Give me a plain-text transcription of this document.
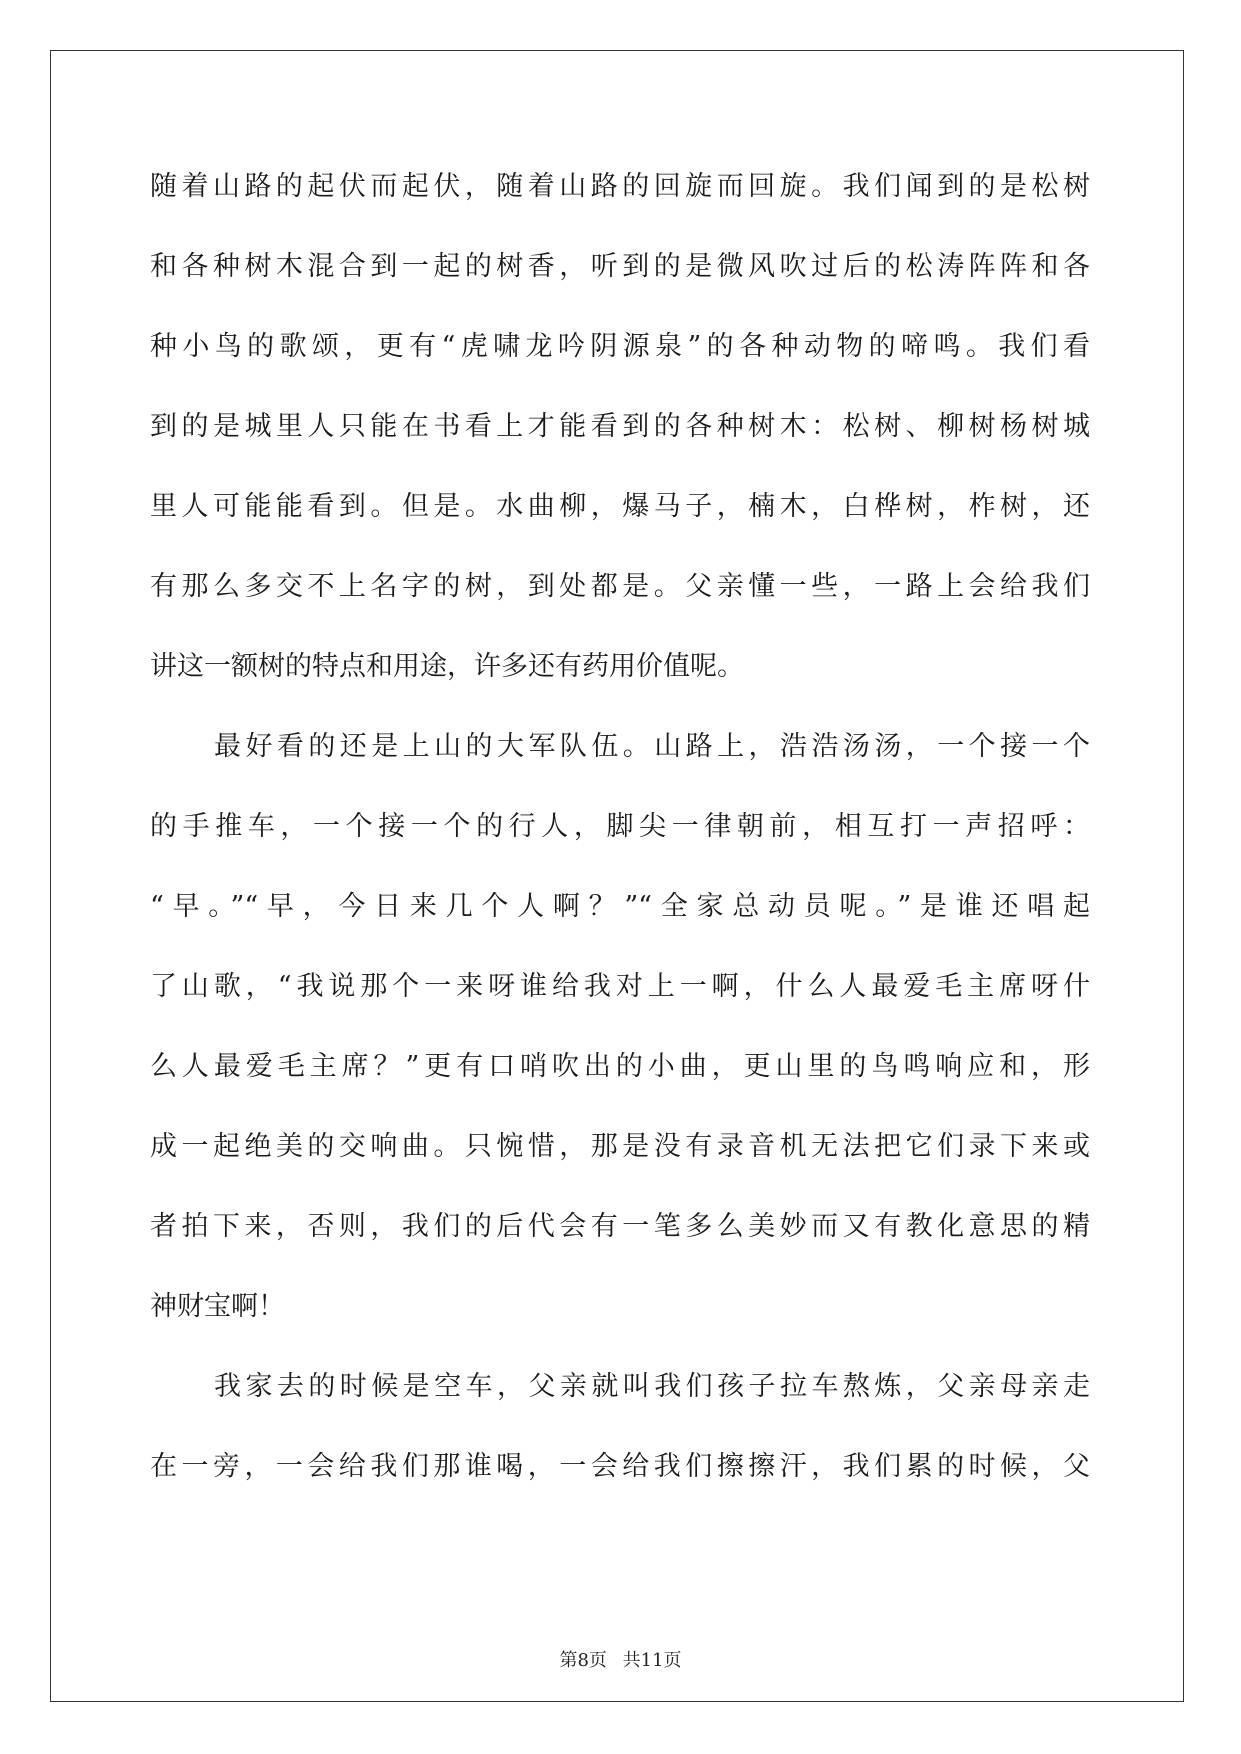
随着山路的起伏而起伏，随着山路的回旋而回旋。我们闻到的是松树
和各种树木混合到一起的树香，听到的是微风吹过后的松涛阵阵和各
种小鸟的歌颂，更有“虎啸龙吟阴源泉”的各种动物的啼鸣。我们看
到的是城里人只能在书看上才能看到的各种树木：松树、柳树杨树城
里人可能能看到。但是。水曲柳，爆马子，楠木，白桦树，柞树，还
有那么多交不上名字的树，到处都是。父亲懂一些，一路上会给我们
讲这一额树的特点和用途，许多还有药用价值呢。
最好看的还是上山的大军队伍。山路上，浩浩汤汤，一个接一个
的手推车，一个接一个的行人，脚尖一律朝前，相互打一声招呼：
“早。”“早，今日来几个人啊？”“全家总动员呢。”是谁还唱起
了山歌，“我说那个一来呀谁给我对上一啊，什么人最爱毛主席呀什
么人最爱毛主席？”更有口哨吹出的小曲，更山里的鸟鸣响应和，形
成一起绝美的交响曲。只惋惜，那是没有录音机无法把它们录下来或
者拍下来，否则，我们的后代会有一笔多么美妙而又有教化意思的精
神财宝啊！
我家去的时候是空车，父亲就叫我们孩子拉车熬炼，父亲母亲走
在一旁，一会给我们那谁喝，一会给我们擦擦汗，我们累的时候，父
第8页 共11页
